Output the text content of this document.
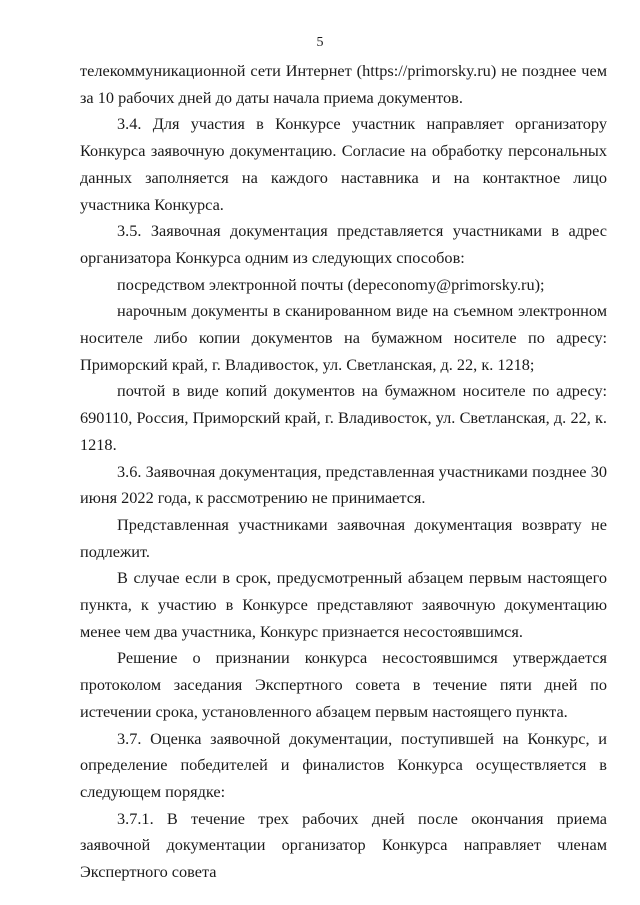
5

телекоммуникационной сети Интернет (https://primorsky.ru) не позднее чем за 10 рабочих дней до даты начала приема документов.

3.4. Для участия в Конкурсе участник направляет организатору Конкурса заявочную документацию. Согласие на обработку персональных данных заполняется на каждого наставника и на контактное лицо участника Конкурса.

3.5. Заявочная документация представляется участниками в адрес организатора Конкурса одним из следующих способов:

посредством электронной почты (depeconomy@primorsky.ru);

нарочным документы в сканированном виде на съемном электронном носителе либо копии документов на бумажном носителе по адресу: Приморский край, г. Владивосток, ул. Светланская, д. 22, к. 1218;

почтой в виде копий документов на бумажном носителе по адресу: 690110, Россия, Приморский край, г. Владивосток, ул. Светланская, д. 22, к. 1218.

3.6. Заявочная документация, представленная участниками позднее 30 июня 2022 года, к рассмотрению не принимается.

Представленная участниками заявочная документация возврату не подлежит.

В случае если в срок, предусмотренный абзацем первым настоящего пункта, к участию в Конкурсе представляют заявочную документацию менее чем два участника, Конкурс признается несостоявшимся.

Решение о признании конкурса несостоявшимся утверждается протоколом заседания Экспертного совета в течение пяти дней по истечении срока, установленного абзацем первым настоящего пункта.

3.7. Оценка заявочной документации, поступившей на Конкурс, и определение победителей и финалистов Конкурса осуществляется в следующем порядке:

3.7.1. В течение трех рабочих дней после окончания приема заявочной документации организатор Конкурса направляет членам Экспертного совета
